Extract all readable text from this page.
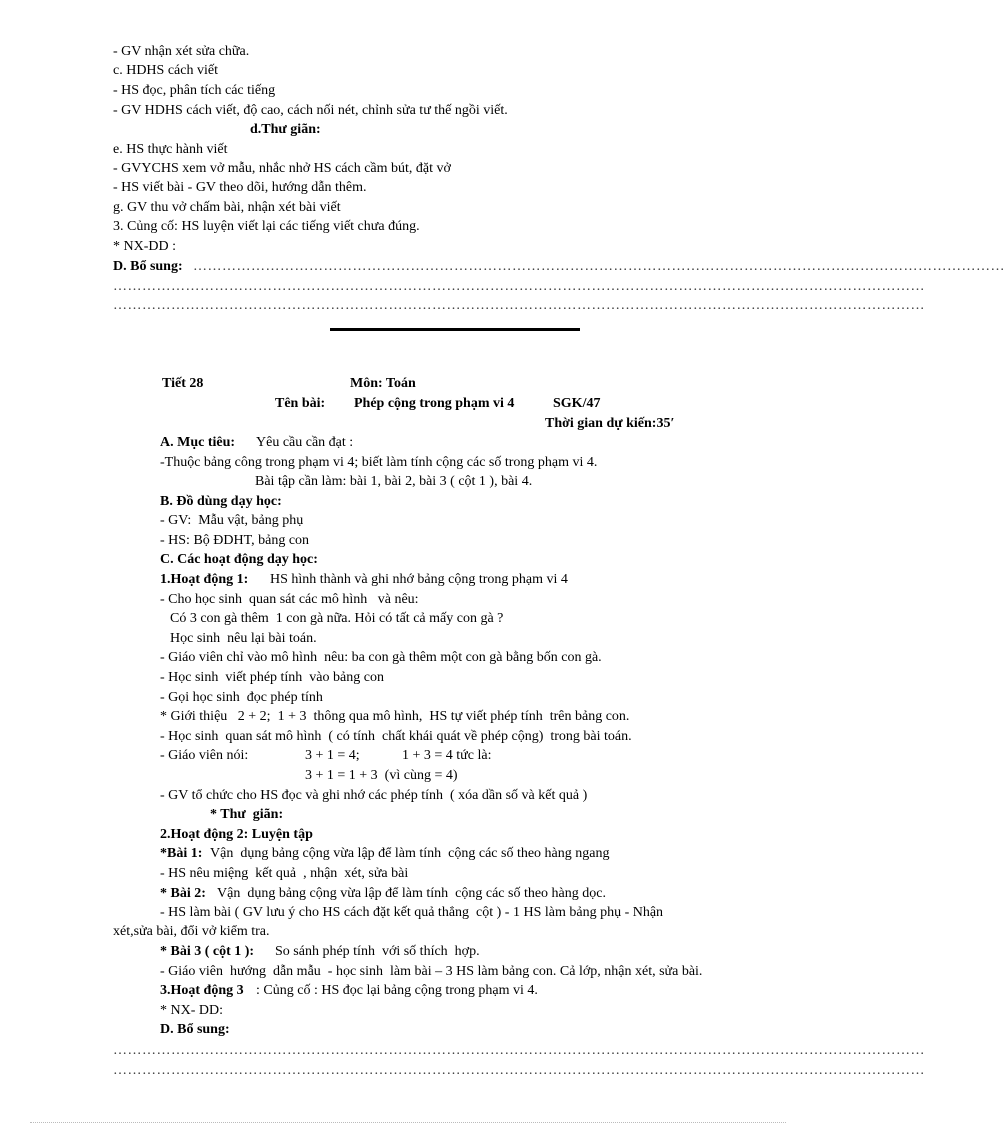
- GV nhận xét sửa chữa.
c. HDHS cách viết
- HS đọc, phân tích các tiếng
- GV HDHS cách viết, độ cao, cách nối nét, chỉnh sửa tư thế ngồi viết.
d.Thư giãn:
e. HS thực hành viết
- GVYCHS xem vở mẫu, nhắc nhở HS cách cầm bút, đặt vở
- HS viết bài - GV theo dõi, hướng dẫn thêm.
g. GV thu vở chấm bài, nhận xét bài viết
3. Củng cố: HS luyện viết lại các tiếng viết chưa đúng.
* NX-DD :
D. Bổ sung: ……………………………………………………………………………………………………………………………………………………
……………………………………………………………………………………………………………………………………………………
……………………………………………………………………………………………………………………………………………………
Tiết 28	Môn: Toán
Tên bài: Phép cộng trong phạm vi 4	SGK/47
Thời gian dự kiến:35′
A. Mục tiêu: Yêu cầu cần đạt :
-Thuộc bảng công trong phạm vi 4; biết làm tính cộng các số trong phạm vi 4.
Bài tập cần làm: bài 1, bài 2, bài 3 ( cột 1 ), bài 4.
B. Đồ dùng dạy học:
- GV:  Mẫu vật, bảng phụ
- HS: Bộ ĐDHT, bảng con
C. Các hoạt động dạy học:
1.Hoạt động 1: HS hình thành và ghi nhớ bảng cộng trong phạm vi 4
- Cho học sinh  quan sát các mô hình   và nêu:
Có 3 con gà thêm  1 con gà nữa. Hỏi có tất cả mấy con gà ?
Học sinh  nêu lại bài toán.
- Giáo viên chỉ vào mô hình  nêu: ba con gà thêm một con gà bằng bốn con gà.
- Học sinh  viết phép tính  vào bảng con
- Gọi học sinh  đọc phép tính
* Giới thiệu   2 + 2;  1 + 3  thông qua mô hình,  HS tự viết phép tính  trên bảng con.
- Học sinh  quan sát mô hình  ( có tính  chất khái quát về phép cộng)  trong bài toán.
- Giáo viên nói:	3 + 1 = 4;	1 + 3 = 4 tức là:
3 + 1 = 1 + 3  (vì cùng = 4)
- GV tổ chức cho HS đọc và ghi nhớ các phép tính  ( xóa dần số và kết quả )
* Thư  giãn:
2.Hoạt động 2: Luyện tập
*Bài 1: Vận  dụng bảng cộng vừa lập để làm tính  cộng các số theo hàng ngang
- HS nêu miệng  kết quả  , nhận  xét, sửa bài
* Bài 2: Vận  dụng bảng cộng vừa lập để làm tính  cộng các số theo hàng dọc.
- HS làm bài ( GV lưu ý cho HS cách đặt kết quả thẳng  cột ) - 1 HS làm bảng phụ - Nhận
xét,sửa bài, đổi vở kiểm tra.
* Bài 3 ( cột 1 ): So sánh phép tính  với số thích  hợp.
- Giáo viên  hướng  dẫn mẫu  - học sinh  làm bài – 3 HS làm bảng con. Cả lớp, nhận xét, sửa bài.
3.Hoạt động 3 : Củng cố : HS đọc lại bảng cộng trong phạm vi 4.
* NX- DD:
D. Bổ sung:
……………………………………………………………………………………………………………………………………………………
……………………………………………………………………………………………………………………………………………………
